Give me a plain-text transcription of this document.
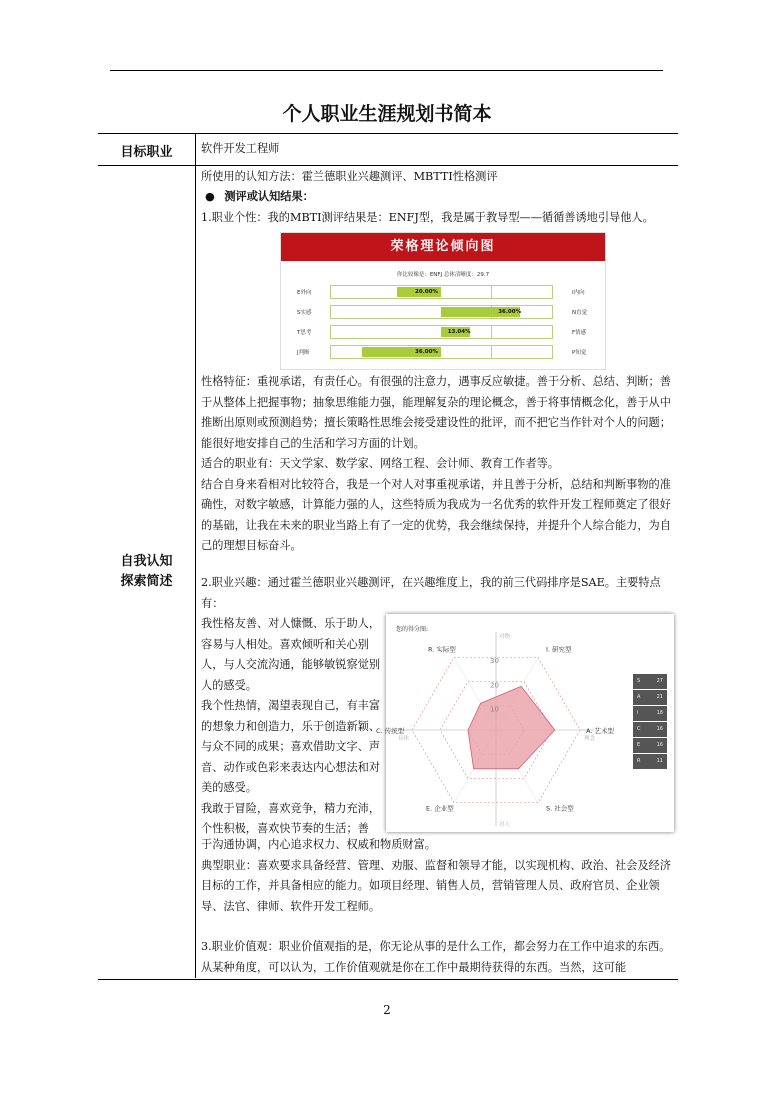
个人职业生涯规划书简本
目标职业	软件开发工程师
自我认知
探索简述
所使用的认知方法：霍兰德职业兴趣测评、MBTTI性格测评
● 测评或认知结果：
1.职业个性：我的MBTI测评结果是：ENFJ型，我是属于教导型——循循善诱地引导他人。
荣格理论倾向图
你比较像是：ENFJ 总体清晰度：29.7
E外向	20.00%	I内向
S实感	36.00%	N直觉
T思考	13.04%	F情感
J判断	36.00%	P知觉

性格特征：重视承诺，有责任心。有很强的注意力，遇事反应敏捷。善于分析、总结、判断；善于从整体上把握事物；抽象思维能力强，能理解复杂的理论概念，善于将事情概念化，善于从中推断出原则或预测趋势；擅长策略性思维会接受建设性的批评，而不把它当作针对个人的问题；能很好地安排自己的生活和学习方面的计划。

适合的职业有：天文学家、数学家、网络工程、会计师、教育工作者等。

结合自身来看相对比较符合，我是一个对人对事重视承诺，并且善于分析，总结和判断事物的准确性，对数字敏感，计算能力强的人，这些特质为我成为一名优秀的软件开发工程师奠定了很好的基础，让我在未来的职业当路上有了一定的优势，我会继续保持，并提升个人综合能力，为自己的理想目标奋斗。

2.职业兴趣：通过霍兰德职业兴趣测评，在兴趣维度上，我的前三代码排序是SAE。主要特点有：

我性格友善、对人慷慨、乐于助人，容易与人相处。喜欢倾听和关心别人，与人交流沟通，能够敏锐察觉别人的感受。

我个性热情，渴望表现自己，有丰富的想象力和创造力，乐于创造新颖、与众不同的成果；喜欢借助文字、声音、动作或色彩来表达内心想法和对美的感受。

我敢于冒险，喜欢竞争，精力充沛，个性积极，喜欢快节奏的生活；善

于沟通协调，内心追求权力、权威和物质财富。

典型职业：喜欢要求具备经营、管理、劝服、监督和领导才能，以实现机构、政治、社会及经济目标的工作，并具备相应的能力。如项目经理、销售人员，营销管理人员、政府官员、企业领导、法官、律师、软件开发工程师。

您的得分图:
30
20
10
I. 研究型
A. 艺术型
S. 社会型
E. 企业型
C. 传统型
R. 实际型
对物
对人
具体	理念
S	27
A	21
I	18
C	16
E	16
R	11
3.职业价值观：职业价值观指的是，你无论从事的是什么工作，都会努力在工作中追求的东西。从某种角度，可以认为，工作价值观就是你在工作中最期待获得的东西。当然，这可能
2
